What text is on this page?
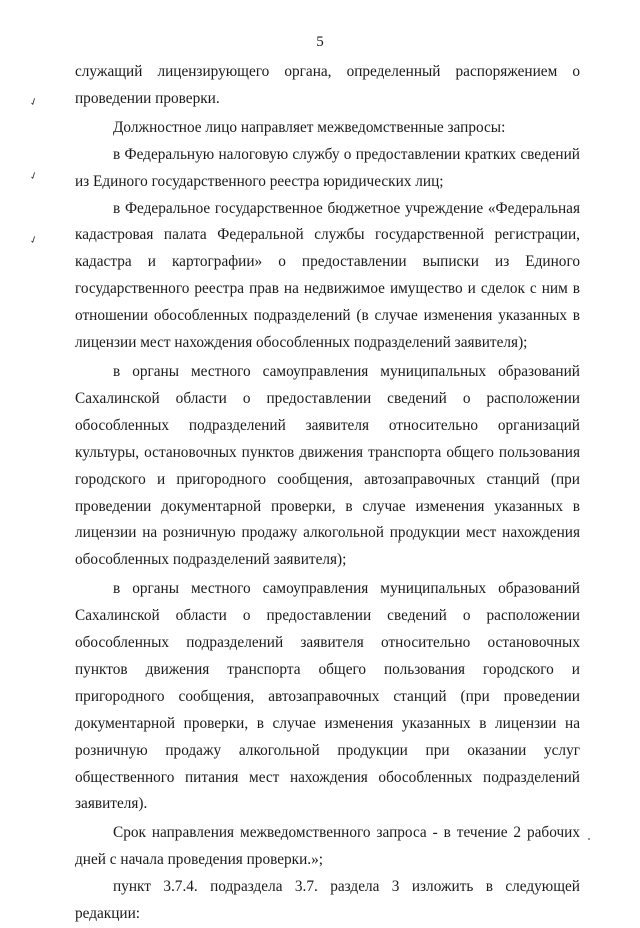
5
✓
✓
✓

служащий лицензирующего органа, определенный распоряжением о проведении проверки.

Должностное лицо направляет межведомственные запросы:

в Федеральную налоговую службу о предоставлении кратких сведений из Единого государственного реестра юридических лиц;

в Федеральное государственное бюджетное учреждение «Федеральная кадастровая палата Федеральной службы государственной регистрации, кадастра и картографии» о предоставлении выписки из Единого государственного реестра прав на недвижимое имущество и сделок с ним в отношении обособленных подразделений (в случае изменения указанных в лицензии мест нахождения обособленных подразделений заявителя);

в органы местного самоуправления муниципальных образований Сахалинской области о предоставлении сведений о расположении обособленных подразделений заявителя относительно организаций культуры, остановочных пунктов движения транспорта общего пользования городского и пригородного сообщения, автозаправочных станций (при проведении документарной проверки, в случае изменения указанных в лицензии на розничную продажу алкогольной продукции мест нахождения обособленных подразделений заявителя);

в органы местного самоуправления муниципальных образований Сахалинской области о предоставлении сведений о расположении обособленных подразделений заявителя относительно остановочных пунктов движения транспорта общего пользования городского и пригородного сообщения, автозаправочных станций (при проведении документарной проверки, в случае изменения указанных в лицензии на розничную продажу алкогольной продукции при оказании услуг общественного питания мест нахождения обособленных подразделений заявителя).

Срок направления межведомственного запроса - в течение 2 рабочих дней с начала проведения проверки.»;

пункт 3.7.4. подраздела 3.7. раздела 3 изложить в следующей редакции:
